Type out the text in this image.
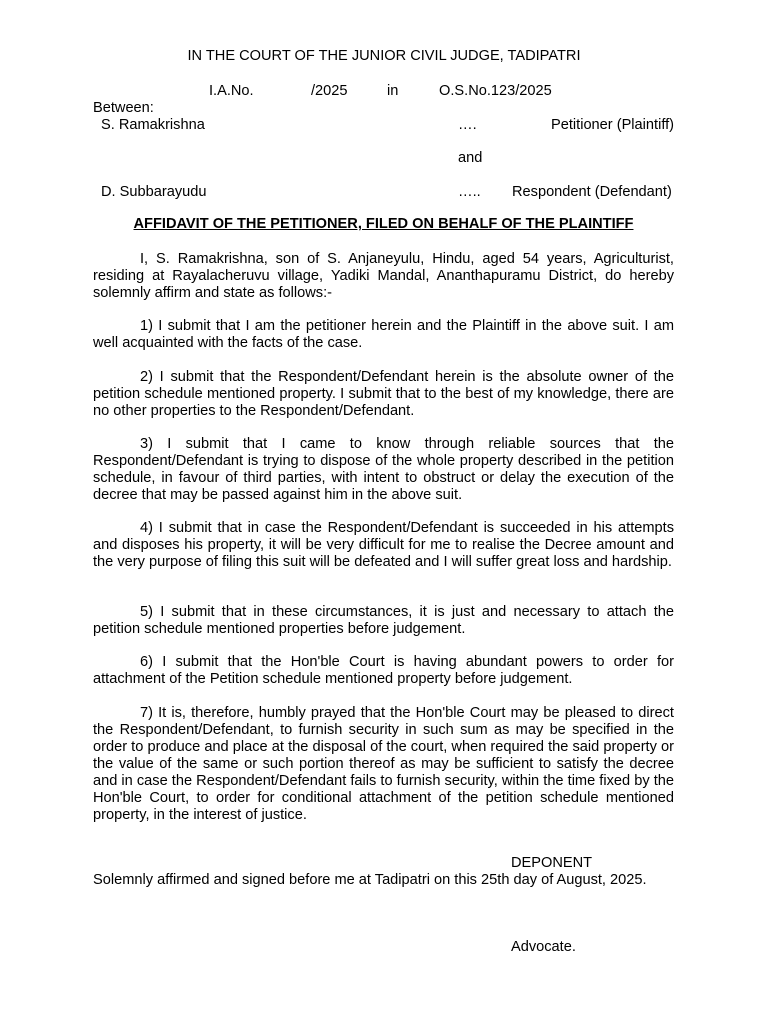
IN THE COURT OF THE JUNIOR CIVIL JUDGE, TADIPATRI
I.A.No.	/2025	in	O.S.No.123/2025
Between:
S. Ramakrishna	….	Petitioner (Plaintiff)
and
D. Subbarayudu	….. Respondent (Defendant)
AFFIDAVIT OF THE PETITIONER, FILED ON BEHALF OF THE PLAINTIFF

I, S. Ramakrishna, son of S. Anjaneyulu, Hindu, aged 54 years, Agriculturist, residing at Rayalacheruvu village, Yadiki Mandal, Ananthapuramu District, do hereby solemnly affirm and state as follows:-

1) I submit that I am the petitioner herein and the Plaintiff in the above suit. I am well acquainted with the facts of the case.

2) I submit that the Respondent/Defendant herein is the absolute owner of the petition schedule mentioned property. I submit that to the best of my knowledge, there are no other properties to the Respondent/Defendant.

3) I submit that I came to know through reliable sources that the Respondent/Defendant is trying to dispose of the whole property described in the petition schedule, in favour of third parties, with intent to obstruct or delay the execution of the decree that may be passed against him in the above suit.

4) I submit that in case the Respondent/Defendant is succeeded in his attempts and disposes his property, it will be very difficult for me to realise the Decree amount and the very purpose of filing this suit will be defeated and I will suffer great loss and hardship.

5) I submit that in these circumstances, it is just and necessary to attach the petition schedule mentioned properties before judgement.

6) I submit that the Hon'ble Court is having abundant powers to order for attachment of the Petition schedule mentioned property before judgement.

7) It is, therefore, humbly prayed that the Hon'ble Court may be pleased to direct the Respondent/Defendant, to furnish security in such sum as may be specified in the order to produce and place at the disposal of the court, when required the said property or the value of the same or such portion thereof as may be sufficient to satisfy the decree and in case the Respondent/Defendant fails to furnish security, within the time fixed by the Hon'ble Court, to order for conditional attachment of the petition schedule mentioned property, in the interest of justice.

DEPONENT

Solemnly affirmed and signed before me at Tadipatri on this 25th day of August, 2025.

Advocate.
